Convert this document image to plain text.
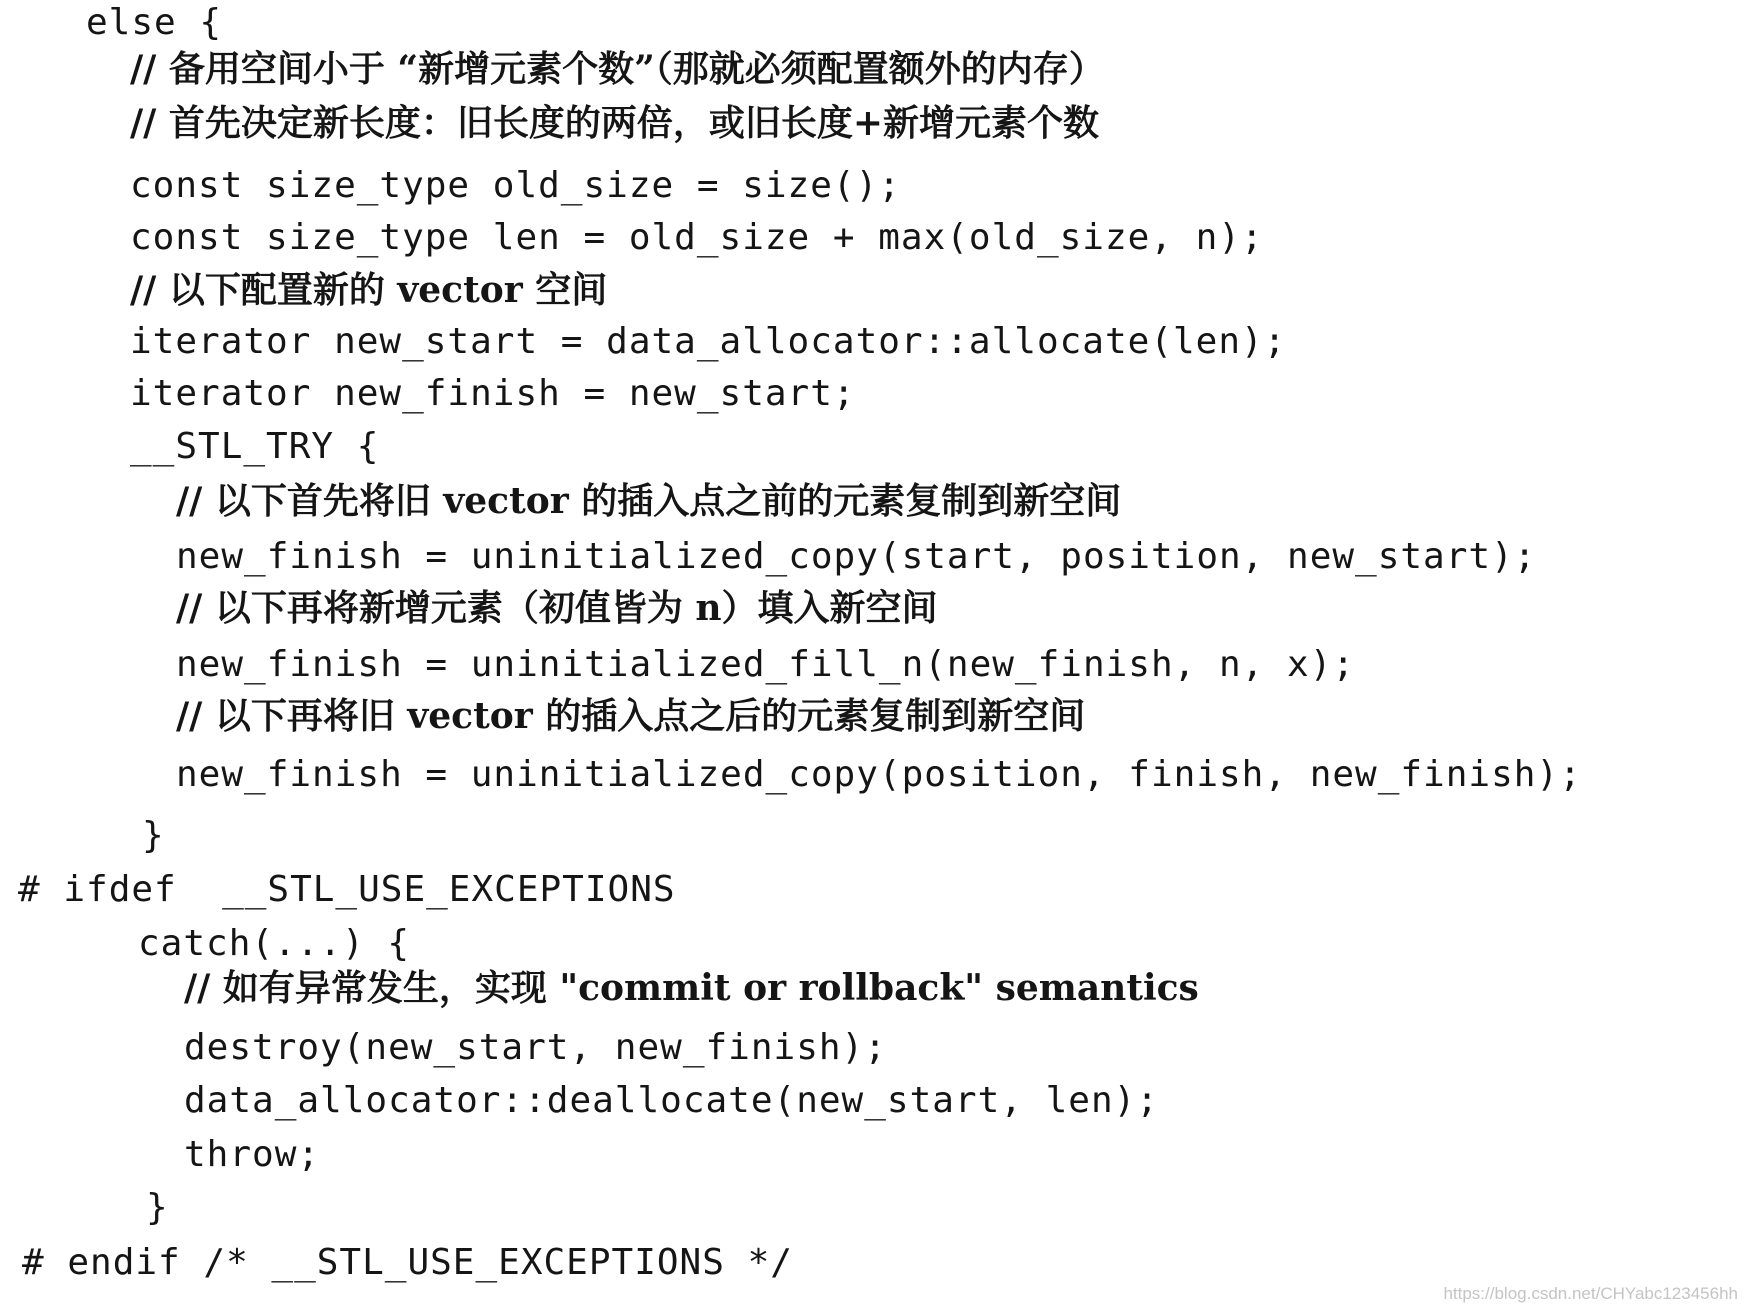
else {
// 备用空间小于 “新增元素个数”（那就必须配置额外的内存）
// 首先决定新长度：旧长度的两倍，或旧长度+新增元素个数
const size_type old_size = size();
const size_type len = old_size + max(old_size, n);
// 以下配置新的 vector 空间
iterator new_start = data_allocator::allocate(len);
iterator new_finish = new_start;
__STL_TRY {
// 以下首先将旧 vector 的插入点之前的元素复制到新空间
new_finish = uninitialized_copy(start, position, new_start);
// 以下再将新增元素（初值皆为 n）填入新空间
new_finish = uninitialized_fill_n(new_finish, n, x);
// 以下再将旧 vector 的插入点之后的元素复制到新空间
new_finish = uninitialized_copy(position, finish, new_finish);
}
# ifdef  __STL_USE_EXCEPTIONS
catch(...) {
// 如有异常发生，实现 "commit or rollback" semantics
destroy(new_start, new_finish);
data_allocator::deallocate(new_start, len);
throw;
}
# endif /* __STL_USE_EXCEPTIONS */
https://blog.csdn.net/CHYabc123456hh
